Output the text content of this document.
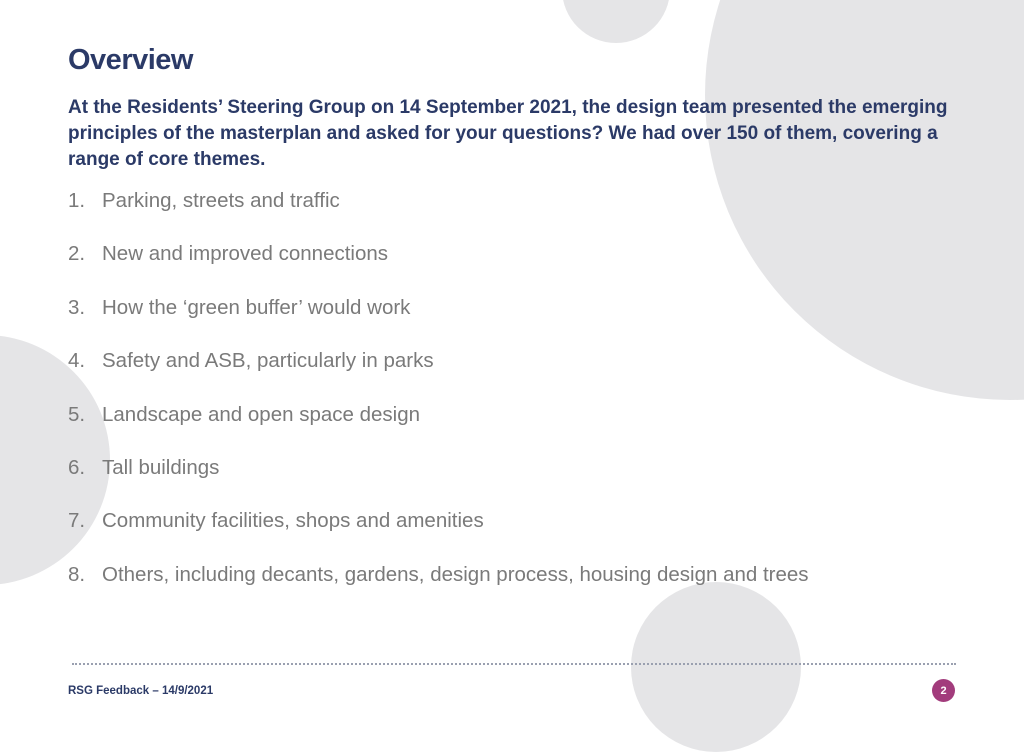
Overview

At the Residents’ Steering Group on 14 September 2021, the design team presented the emerging principles of the masterplan and asked for your questions? We had over 150 of them, covering a range of core themes.

1. Parking, streets and traffic
2. New and improved connections
3. How the ‘green buffer’ would work
4. Safety and ASB, particularly in parks
5. Landscape and open space design
6. Tall buildings
7. Community facilities, shops and amenities
8. Others, including decants, gardens, design process, housing design and trees
RSG Feedback – 14/9/2021	2
